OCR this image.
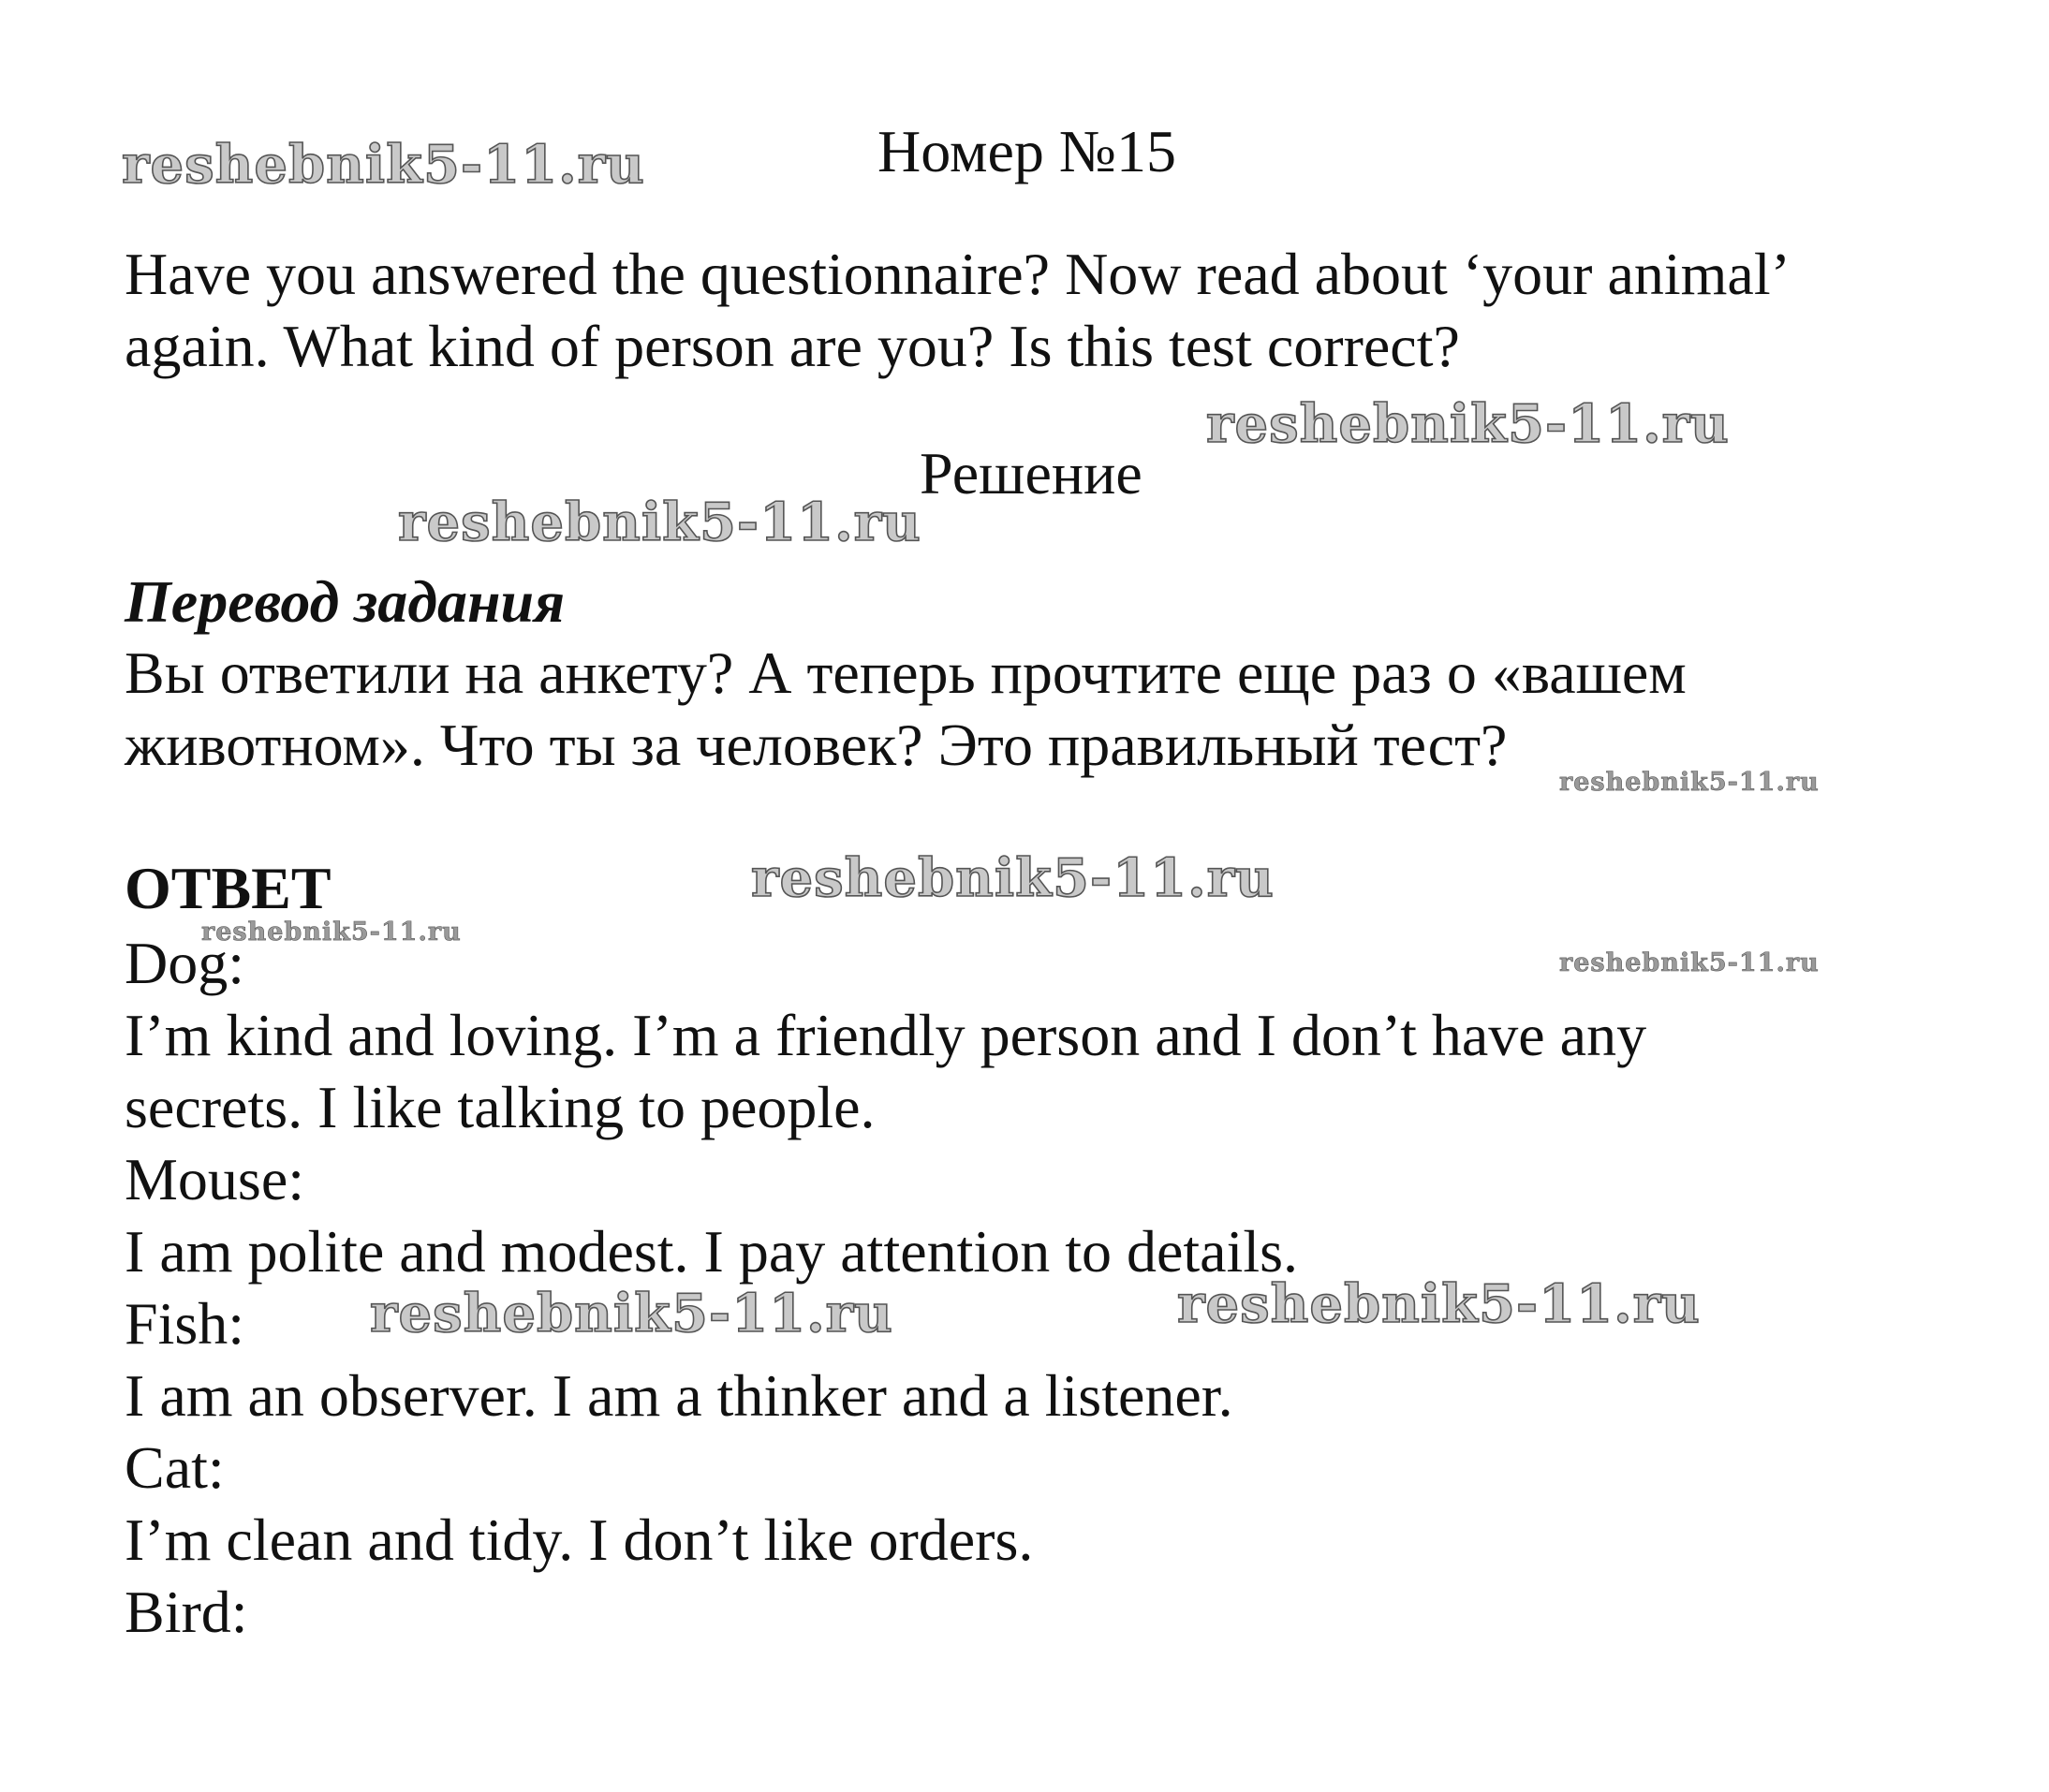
reshebnik5-11.ru
reshebnik5-11.ru
reshebnik5-11.ru
reshebnik5-11.ru
reshebnik5-11.ru
reshebnik5-11.ru
reshebnik5-11.ru
reshebnik5-11.ru	reshebnik5-11.ru
Номер №15
Have you answered the questionnaire? Now read about ‘your animal’
again. What kind of person are you? Is this test correct?
Решение
Перевод задания
Вы ответили на анкету? А теперь прочтите еще раз о «вашем
животном». Что ты за человек? Это правильный тест?
ОТВЕТ
Dog:
I’m kind and loving. I’m a friendly person and I don’t have any
secrets. I like talking to people.
Mouse:
I am polite and modest. I pay attention to details.
Fish:
I am an observer. I am a thinker and a listener.
Cat:
I’m clean and tidy. I don’t like orders.
Bird:
